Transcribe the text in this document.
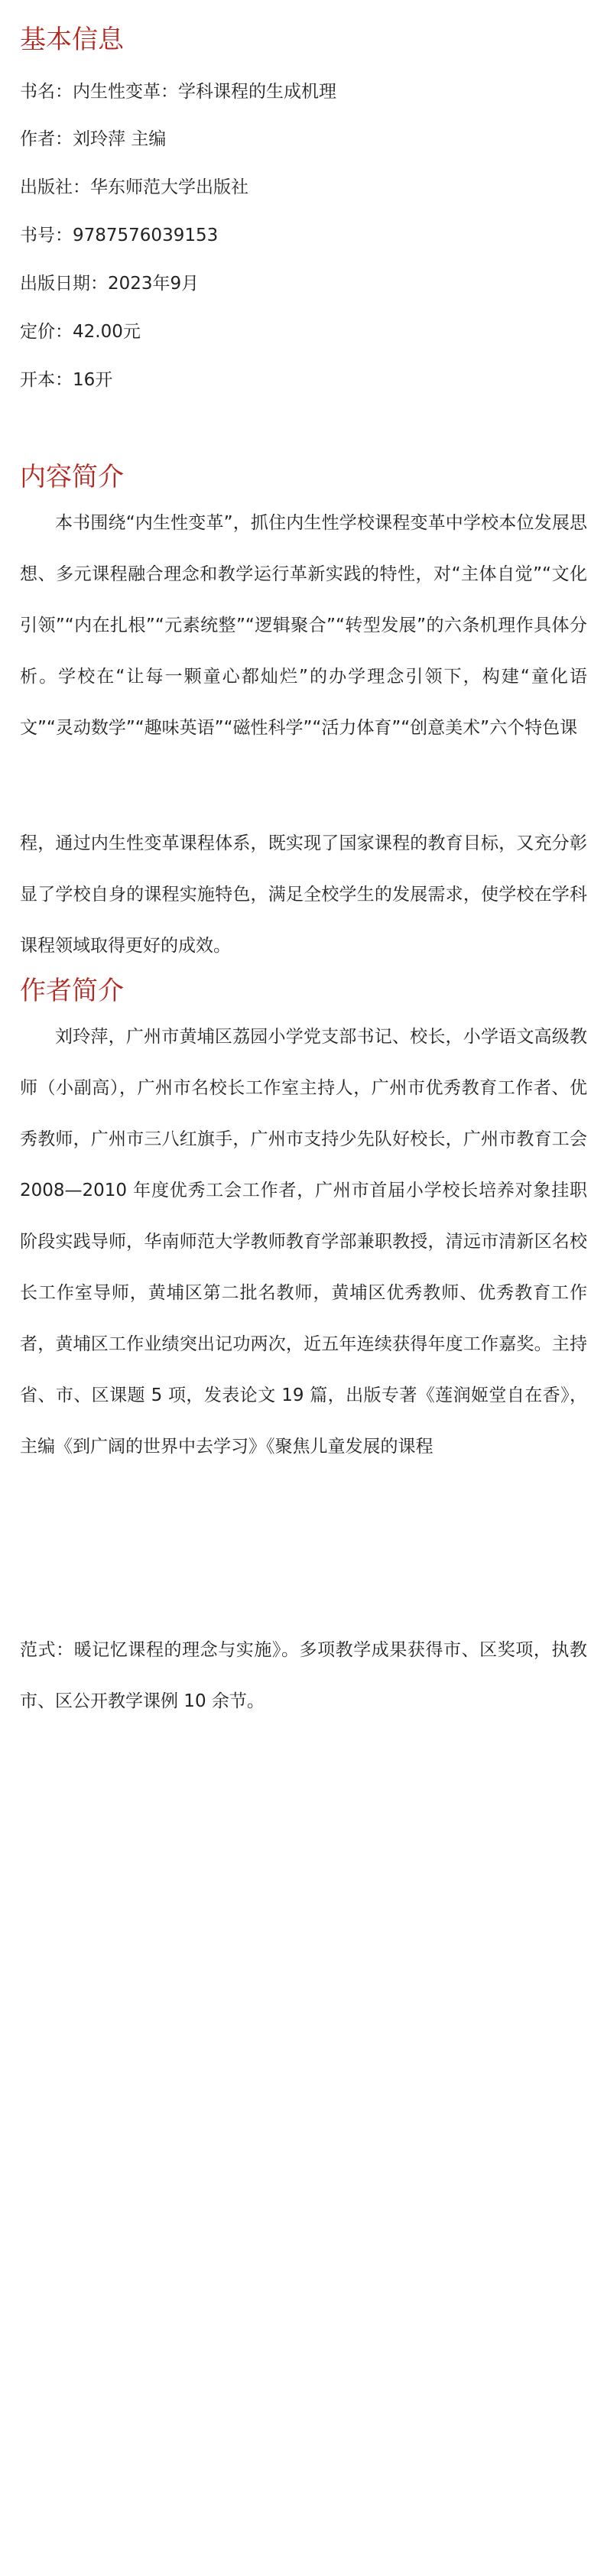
基本信息
书名：内生性变革：学科课程的生成机理
作者：刘玲萍 主编
出版社：华东师范大学出版社
书号：9787576039153
出版日期：2023年9月
定价：42.00元
开本：16开
内容简介

本书围绕“内生性变革”，抓住内生性学校课程变革中学校本位发展思想、多元课程融合理念和教学运行革新实践的特性，对“主体自觉”“文化引领”“内在扎根”“元素统整”“逻辑聚合”“转型发展”的六条机理作具体分析。学校在“让每一颗童心都灿烂”的办学理念引领下，构建“童化语文”“灵动数学”“趣味英语”“磁性科学”“活力体育”“创意美术”六个特色课

程，通过内生性变革课程体系，既实现了国家课程的教育目标，又充分彰显了学校自身的课程实施特色，满足全校学生的发展需求，使学校在学科课程领域取得更好的成效。

作者简介

刘玲萍，广州市黄埔区荔园小学党支部书记、校长，小学语文高级教师（小副高），广州市名校长工作室主持人，广州市优秀教育工作者、优秀教师，广州市三八红旗手，广州市支持少先队好校长，广州市教育工会 2008—2010 年度优秀工会工作者，广州市首届小学校长培养对象挂职阶段实践导师，华南师范大学教师教育学部兼职教授，清远市清新区名校长工作室导师，黄埔区第二批名教师，黄埔区优秀教师、优秀教育工作者，黄埔区工作业绩突出记功两次，近五年连续获得年度工作嘉奖。主持省、市、区课题 5 项，发表论文 19 篇，出版专著《莲润姬堂自在香》，主编《到广阔的世界中去学习》《聚焦儿童发展的课程

范式：暖记忆课程的理念与实施》。多项教学成果获得市、区奖项，执教市、区公开教学课例 10 余节。
